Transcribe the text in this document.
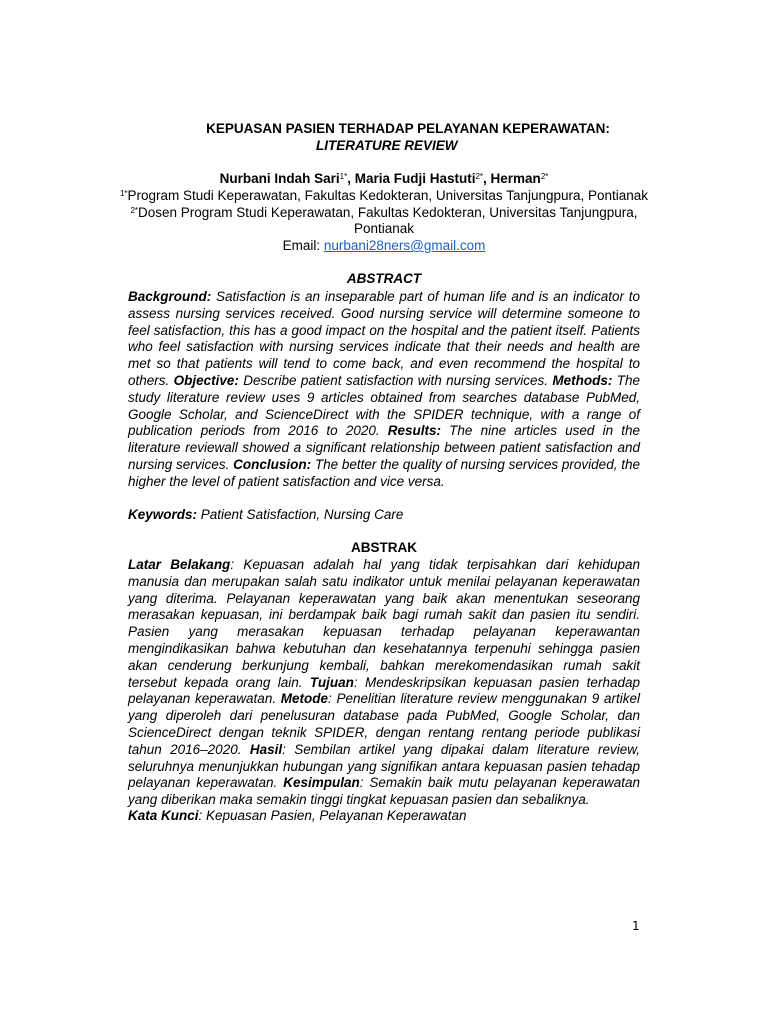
KEPUASAN PASIEN TERHADAP PELAYANAN KEPERAWATAN:
LITERATURE REVIEW
Nurbani Indah Sari$^{1*}$, Maria Fudji Hastuti$^{2*}$, Herman$^{2*}$
$^{1*}$Program Studi Keperawatan, Fakultas Kedokteran, Universitas Tanjungpura, Pontianak
$^{2*}$Dosen Program Studi Keperawatan, Fakultas Kedokteran, Universitas Tanjungpura,
Pontianak
Email: nurbani28ners@gmail.com
ABSTRACT
Background: Satisfaction is an inseparable part of human life and is an indicator to assess nursing services received. Good nursing service will determine someone to feel satisfaction, this has a good impact on the hospital and the patient itself. Patients who feel satisfaction with nursing services indicate that their needs and health are met so that patients will tend to come back, and even recommend the hospital to others. Objective: Describe patient satisfaction with nursing services. Methods: The study literature review uses 9 articles obtained from searches database PubMed, Google Scholar, and ScienceDirect with the SPIDER technique, with a range of publication periods from 2016 to 2020. Results: The nine articles used in the literature reviewall showed a significant relationship between patient satisfaction and nursing services. Conclusion: The better the quality of nursing services provided, the higher the level of patient satisfaction and vice versa.
Keywords: Patient Satisfaction, Nursing Care
ABSTRAK
Latar Belakang: Kepuasan adalah hal yang tidak terpisahkan dari kehidupan manusia dan merupakan salah satu indikator untuk menilai pelayanan keperawatan yang diterima. Pelayanan keperawatan yang baik akan menentukan seseorang merasakan kepuasan, ini berdampak baik bagi rumah sakit dan pasien itu sendiri. Pasien yang merasakan kepuasan terhadap pelayanan keperawantan mengindikasikan bahwa kebutuhan dan kesehatannya terpenuhi sehingga pasien akan cenderung berkunjung kembali, bahkan merekomendasikan rumah sakit tersebut kepada orang lain. Tujuan: Mendeskripsikan kepuasan pasien terhadap pelayanan keperawatan. Metode: Penelitian literature review menggunakan 9 artikel yang diperoleh dari penelusuran database pada PubMed, Google Scholar, dan ScienceDirect dengan teknik SPIDER, dengan rentang rentang periode publikasi tahun 2016–2020. Hasil: Sembilan artikel yang dipakai dalam literature review, seluruhnya menunjukkan hubungan yang signifikan antara kepuasan pasien tehadap pelayanan keperawatan. Kesimpulan: Semakin baik mutu pelayanan keperawatan yang diberikan maka semakin tinggi tingkat kepuasan pasien dan sebaliknya.
Kata Kunci: Kepuasan Pasien, Pelayanan Keperawatan
1
